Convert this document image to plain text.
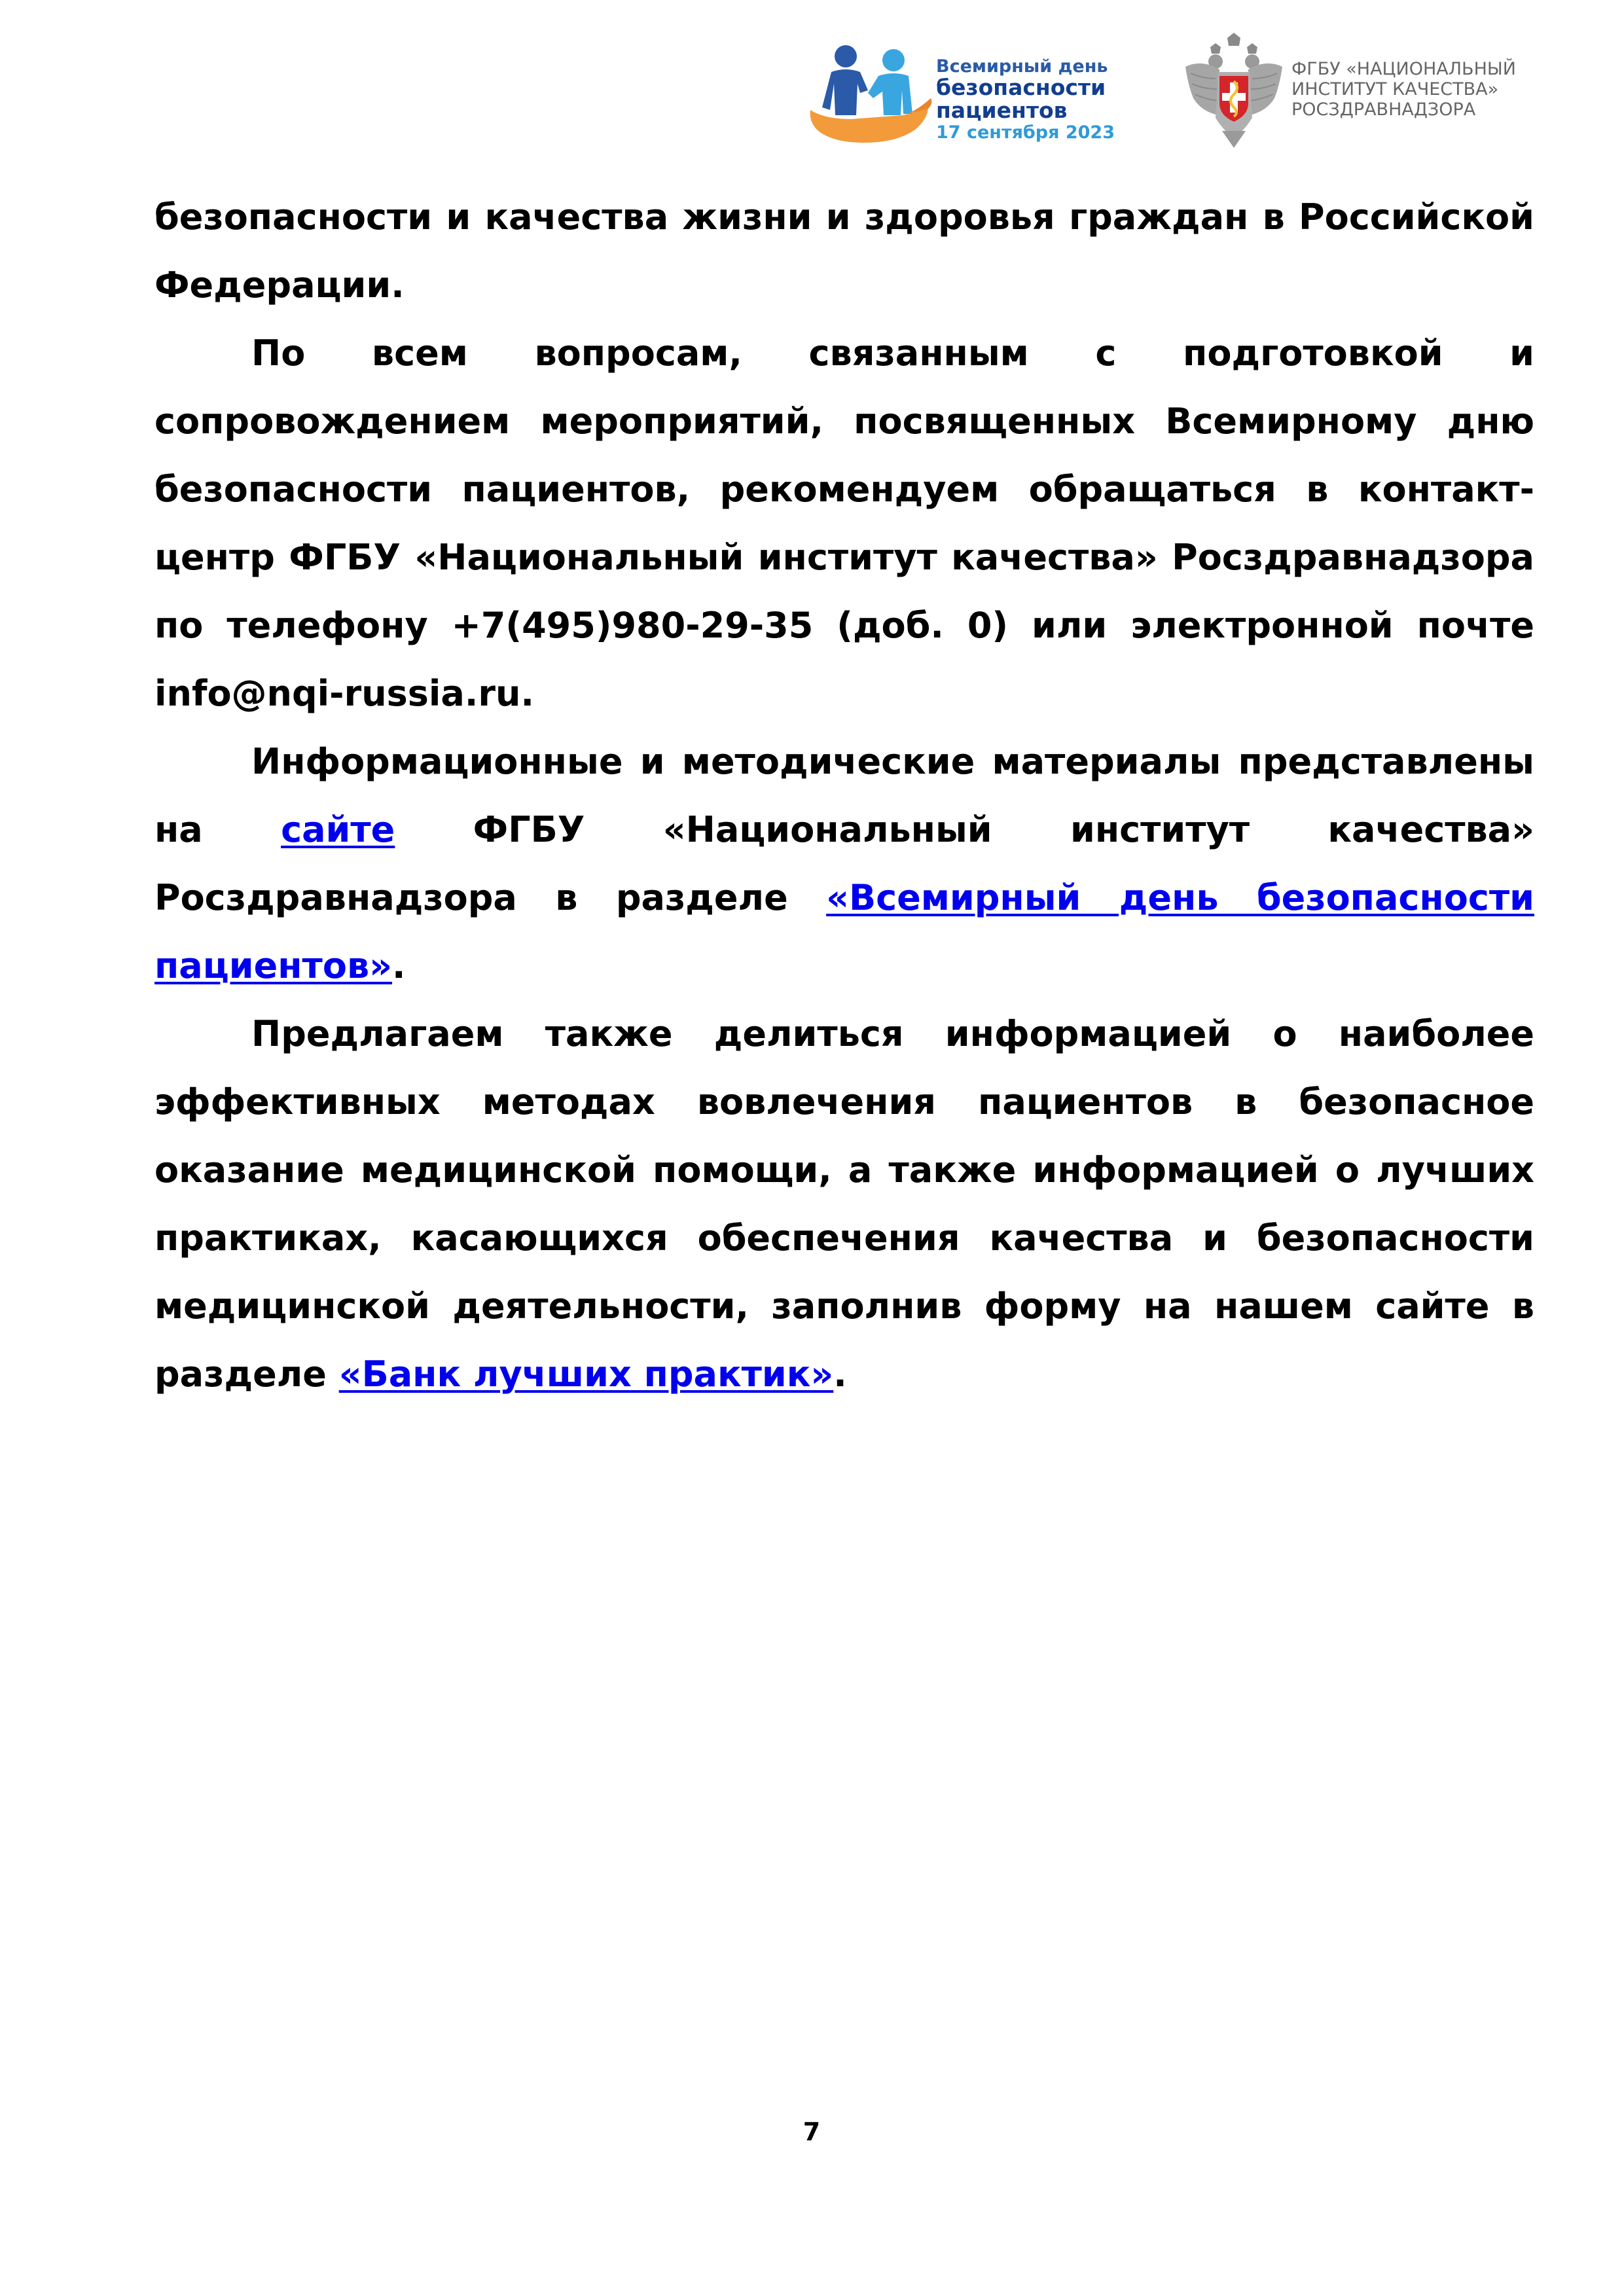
Всемирный день
безопасности
пациентов
17 сентября 2023
ФГБУ «НАЦИОНАЛЬНЫЙ
ИНСТИТУТ КАЧЕСТВА»
РОСЗДРАВНАДЗОРА

безопасности и качества жизни и здоровья граждан в Российской Федерации.

По всем вопросам, связанным с подготовкой и сопровождением мероприятий, посвященных Всемирному дню безопасности пациентов, рекомендуем обращаться в контакт-центр ФГБУ «Национальный институт качества» Росздравнадзора по телефону +7(495)980-29-35 (доб. 0) или электронной почте info@nqi-russia.ru.

Информационные и методические материалы представлены на сайте ФГБУ «Национальный институт качества» Росздравнадзора в разделе «Всемирный день безопасности пациентов».

Предлагаем также делиться информацией о наиболее эффективных методах вовлечения пациентов в безопасное оказание медицинской помощи, а также информацией о лучших практиках, касающихся обеспечения качества и безопасности медицинской деятельности, заполнив форму на нашем сайте в разделе «Банк лучших практик».

7
